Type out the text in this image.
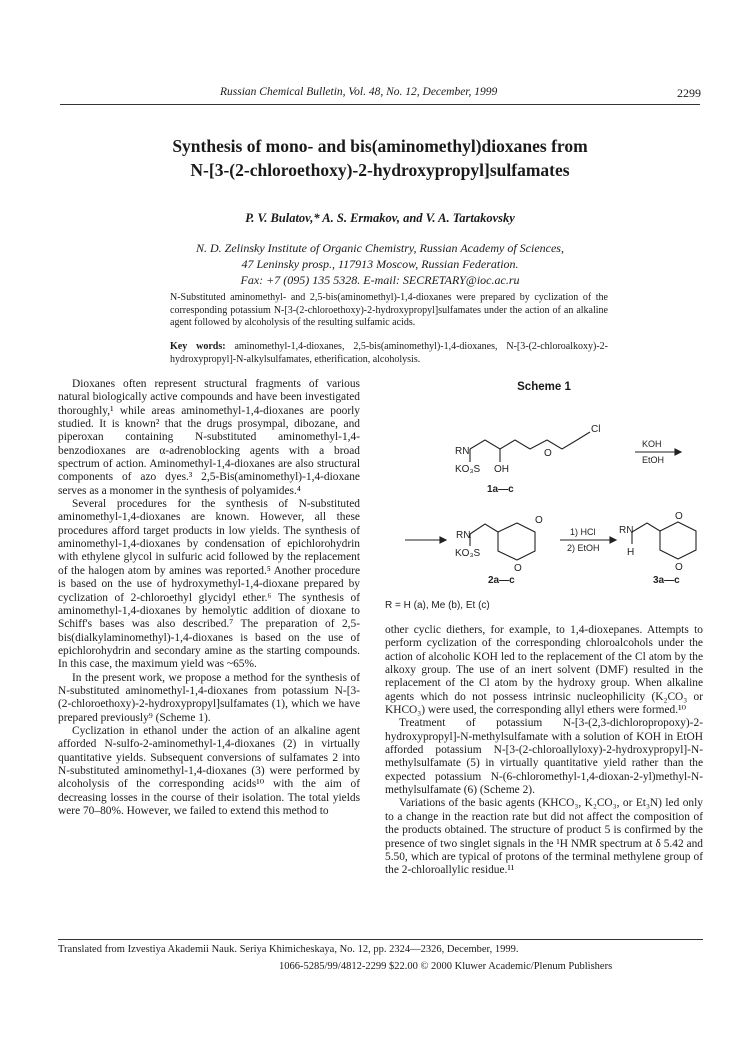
Russian Chemical Bulletin, Vol. 48, No. 12, December, 1999	2299
Synthesis of mono- and bis(aminomethyl)dioxanes from
N-[3-(2-chloroethoxy)-2-hydroxypropyl]sulfamates
P. V. Bulatov,* A. S. Ermakov, and V. A. Tartakovsky
N. D. Zelinsky Institute of Organic Chemistry, Russian Academy of Sciences,
47 Leninsky prosp., 117913 Moscow, Russian Federation.
Fax: +7 (095) 135 5328. E-mail: SECRETARY@ioc.ac.ru
N-Substituted aminomethyl- and 2,5-bis(aminomethyl)-1,4-dioxanes were prepared by cyclization of the corresponding potassium N-[3-(2-chloroethoxy)-2-hydroxypropyl]sulfamates under the action of an alkaline agent followed by alcoholysis of the resulting sulfamic acids.
Key words: aminomethyl-1,4-dioxanes, 2,5-bis(aminomethyl)-1,4-dioxanes, N-[3-(2-chloroalkoxy)-2-hydroxypropyl]-N-alkylsulfamates, etherification, alcoholysis.

Dioxanes often represent structural fragments of various natural biologically active compounds and have been investigated thoroughly,¹ while areas aminomethyl-1,4-dioxanes are poorly studied. It is known² that the drugs prosympal, dibozane, and piperoxan containing N-substituted aminomethyl-1,4-benzodioxanes are α-adrenoblocking agents with a broad spectrum of action. Aminomethyl-1,4-dioxanes are also structural components of azo dyes.³ 2,5-Bis(aminomethyl)-1,4-dioxane serves as a monomer in the synthesis of polyamides.⁴

Several procedures for the synthesis of N-substituted aminomethyl-1,4-dioxanes are known. However, all these procedures afford target products in low yields. The synthesis of aminomethyl-1,4-dioxanes by condensation of epichlorohydrin with ethylene glycol in sulfuric acid followed by the replacement of the halogen atom by amines was reported.⁵ Another procedure is based on the use of hydroxymethyl-1,4-dioxane prepared by cyclization of 2-chloroethyl glycidyl ether.⁶ The synthesis of aminomethyl-1,4-dioxanes by hemolytic addition of dioxane to Schiff's bases was also described.⁷ The preparation of 2,5-bis(dialkylaminomethyl)-1,4-dioxanes is based on the use of epichlorohydrin and secondary amine as the starting compounds. In this case, the maximum yield was ~65%.

In the present work, we propose a method for the synthesis of N-substituted aminomethyl-1,4-dioxanes from potassium N-[3-(2-chloroethoxy)-2-hydroxypropyl]sulfamates (1), which we have prepared previously⁹ (Scheme 1).

Cyclization in ethanol under the action of an alkaline agent afforded N-sulfo-2-aminomethyl-1,4-dioxanes (2) in virtually quantitative yields. Subsequent conversions of sulfamates 2 into N-substituted aminomethyl-1,4-dioxanes (3) were performed by alcoholysis of the corresponding acids¹⁰ with the aim of decreasing losses in the course of their isolation. The total yields were 70–80%. However, we failed to extend this method to

Scheme 1
RN	O
Cl
KO₃S OH
1a—c
KOH
EtOH
RN
KO₃S
O
O
2a—c
1) HCl
2) EtOH
RN
H
O
O
3a—c
R = H (a), Me (b), Et (c)

other cyclic diethers, for example, to 1,4-dioxepanes. Attempts to perform cyclization of the corresponding chloroalcohols under the action of alcoholic KOH led to the replacement of the Cl atom by the alkoxy group. The use of an inert solvent (DMF) resulted in the replacement of the Cl atom by the hydroxy group. When alkaline agents which do not possess intrinsic nucleophilicity (K₂CO₃ or KHCO₃) were used, the corresponding allyl ethers were formed.¹⁰

Treatment of potassium N-[3-(2,3-dichloropropoxy)-2-hydroxypropyl]-N-methylsulfamate with a solution of KOH in EtOH afforded potassium N-[3-(2-chloroallyloxy)-2-hydroxypropyl]-N-methylsulfamate (5) in virtually quantitative yield rather than the expected potassium N-(6-chloromethyl-1,4-dioxan-2-yl)methyl-N-methylsulfamate (6) (Scheme 2).

Variations of the basic agents (KHCO₃, K₂CO₃, or Et₃N) led only to a change in the reaction rate but did not affect the composition of the products obtained. The structure of product 5 is confirmed by the presence of two singlet signals in the ¹H NMR spectrum at δ 5.42 and 5.50, which are typical of protons of the terminal methylene group of the 2-chloroallylic residue.¹¹

Translated from Izvestiya Akademii Nauk. Seriya Khimicheskaya, No. 12, pp. 2324—2326, December, 1999.
1066-5285/99/4812-2299 $22.00 © 2000 Kluwer Academic/Plenum Publishers
